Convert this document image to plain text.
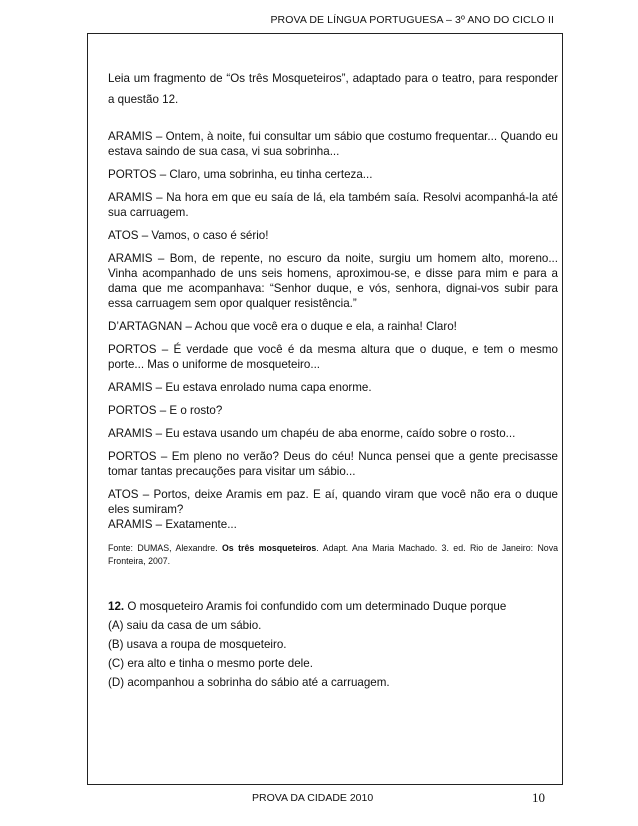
PROVA DE LÍNGUA PORTUGUESA – 3º ANO DO CICLO II

Leia um fragmento de “Os três Mosqueteiros”, adaptado para o teatro, para responder a questão 12.

ARAMIS – Ontem, à noite, fui consultar um sábio que costumo frequentar... Quando eu estava saindo de sua casa, vi sua sobrinha...

PORTOS – Claro, uma sobrinha, eu tinha certeza...

ARAMIS – Na hora em que eu saía de lá, ela também saía. Resolvi acompanhá-la até sua carruagem.

ATOS – Vamos, o caso é sério!

ARAMIS – Bom, de repente, no escuro da noite, surgiu um homem alto, moreno... Vinha acompanhado de uns seis homens, aproximou-se, e disse para mim e para a dama que me acompanhava: “Senhor duque, e vós, senhora, dignai-vos subir para essa carruagem sem opor qualquer resistência.”

D’ARTAGNAN – Achou que você era o duque e ela, a rainha! Claro!

PORTOS – É verdade que você é da mesma altura que o duque, e tem o mesmo porte... Mas o uniforme de mosqueteiro...

ARAMIS – Eu estava enrolado numa capa enorme.

PORTOS – E o rosto?

ARAMIS – Eu estava usando um chapéu de aba enorme, caído sobre o rosto...

PORTOS – Em pleno no verão? Deus do céu! Nunca pensei que a gente precisasse tomar tantas precauções para visitar um sábio...

ATOS – Portos, deixe Aramis em paz. E aí, quando viram que você não era o duque eles sumiram?

ARAMIS – Exatamente...

Fonte: DUMAS, Alexandre. Os três mosqueteiros. Adapt. Ana Maria Machado. 3. ed. Rio de Janeiro: Nova Fronteira, 2007.

12. O mosqueteiro Aramis foi confundido com um determinado Duque porque

(A) saiu da casa de um sábio.

(B) usava a roupa de mosqueteiro.

(C) era alto e tinha o mesmo porte dele.

(D) acompanhou a sobrinha do sábio até a carruagem.

PROVA DA CIDADE 2010	10
